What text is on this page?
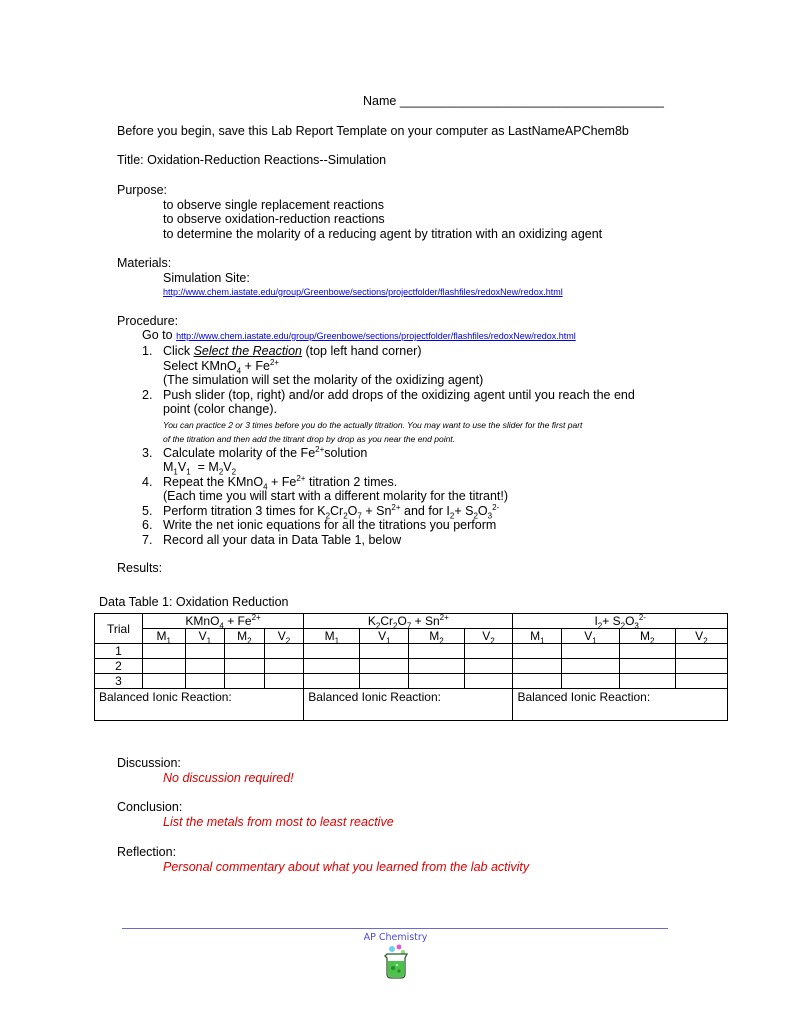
Name ______________________________________
Before you begin, save this Lab Report Template on your computer as LastNameAPChem8b
Title: Oxidation-Reduction Reactions--Simulation
Purpose:
to observe single replacement reactions
to observe oxidation-reduction reactions
to determine the molarity of a reducing agent by titration with an oxidizing agent
Materials:
Simulation Site:
http://www.chem.iastate.edu/group/Greenbowe/sections/projectfolder/flashfiles/redoxNew/redox.html
Procedure:
Go to http://www.chem.iastate.edu/group/Greenbowe/sections/projectfolder/flashfiles/redoxNew/redox.html
1. Click Select the Reaction (top left hand corner)
Select KMnO$_4$ + $Fe^{2+}$
(The simulation will set the molarity of the oxidizing agent)
2. Push slider (top, right) and/or add drops of the oxidizing agent until you reach the end
point (color change).
You can practice 2 or 3 times before you do the actually titration. You may want to use the slider for the first part
of the titration and then add the titrant drop by drop as you near the end point.
3. Calculate molarity of the $Fe^{2+}solution$
$M_1V_1 = M_2V_2$
4. Repeat the KMnO$_4$ + $Fe^{2+}$ titration 2 times.
(Each time you will start with a different molarity for the titrant!)
5. Perform titration 3 times for $K_2Cr_2O_7 + Sn^{2+}$ and for $I_2+ S_2O_3^{2-}$
6. Write the net ionic equations for all the titrations you perform
7. Record all your data in Data Table 1, below
Results:
Data Table 1: Oxidation Reduction
Trial	KMnO$_4$ + $Fe^{2+}$				$K_2Cr_2O_7 + Sn^{2+}$				$I_2+ S_2O_3^{2-}$
	$M_1$	$V_1$	$M_2$	$V_2$	$M_1$	$V_1$	$M_2$	$V_2$	$M_1$	$V_1$	$M_2$	$V_2$
1												
2												
3												
Balanced Ionic Reaction:					Balanced Ionic Reaction:				Balanced Ionic Reaction:			
Discussion:
No discussion required!
Conclusion:
List the metals from most to least reactive
Reflection:
Personal commentary about what you learned from the lab activity
AP Chemistry
